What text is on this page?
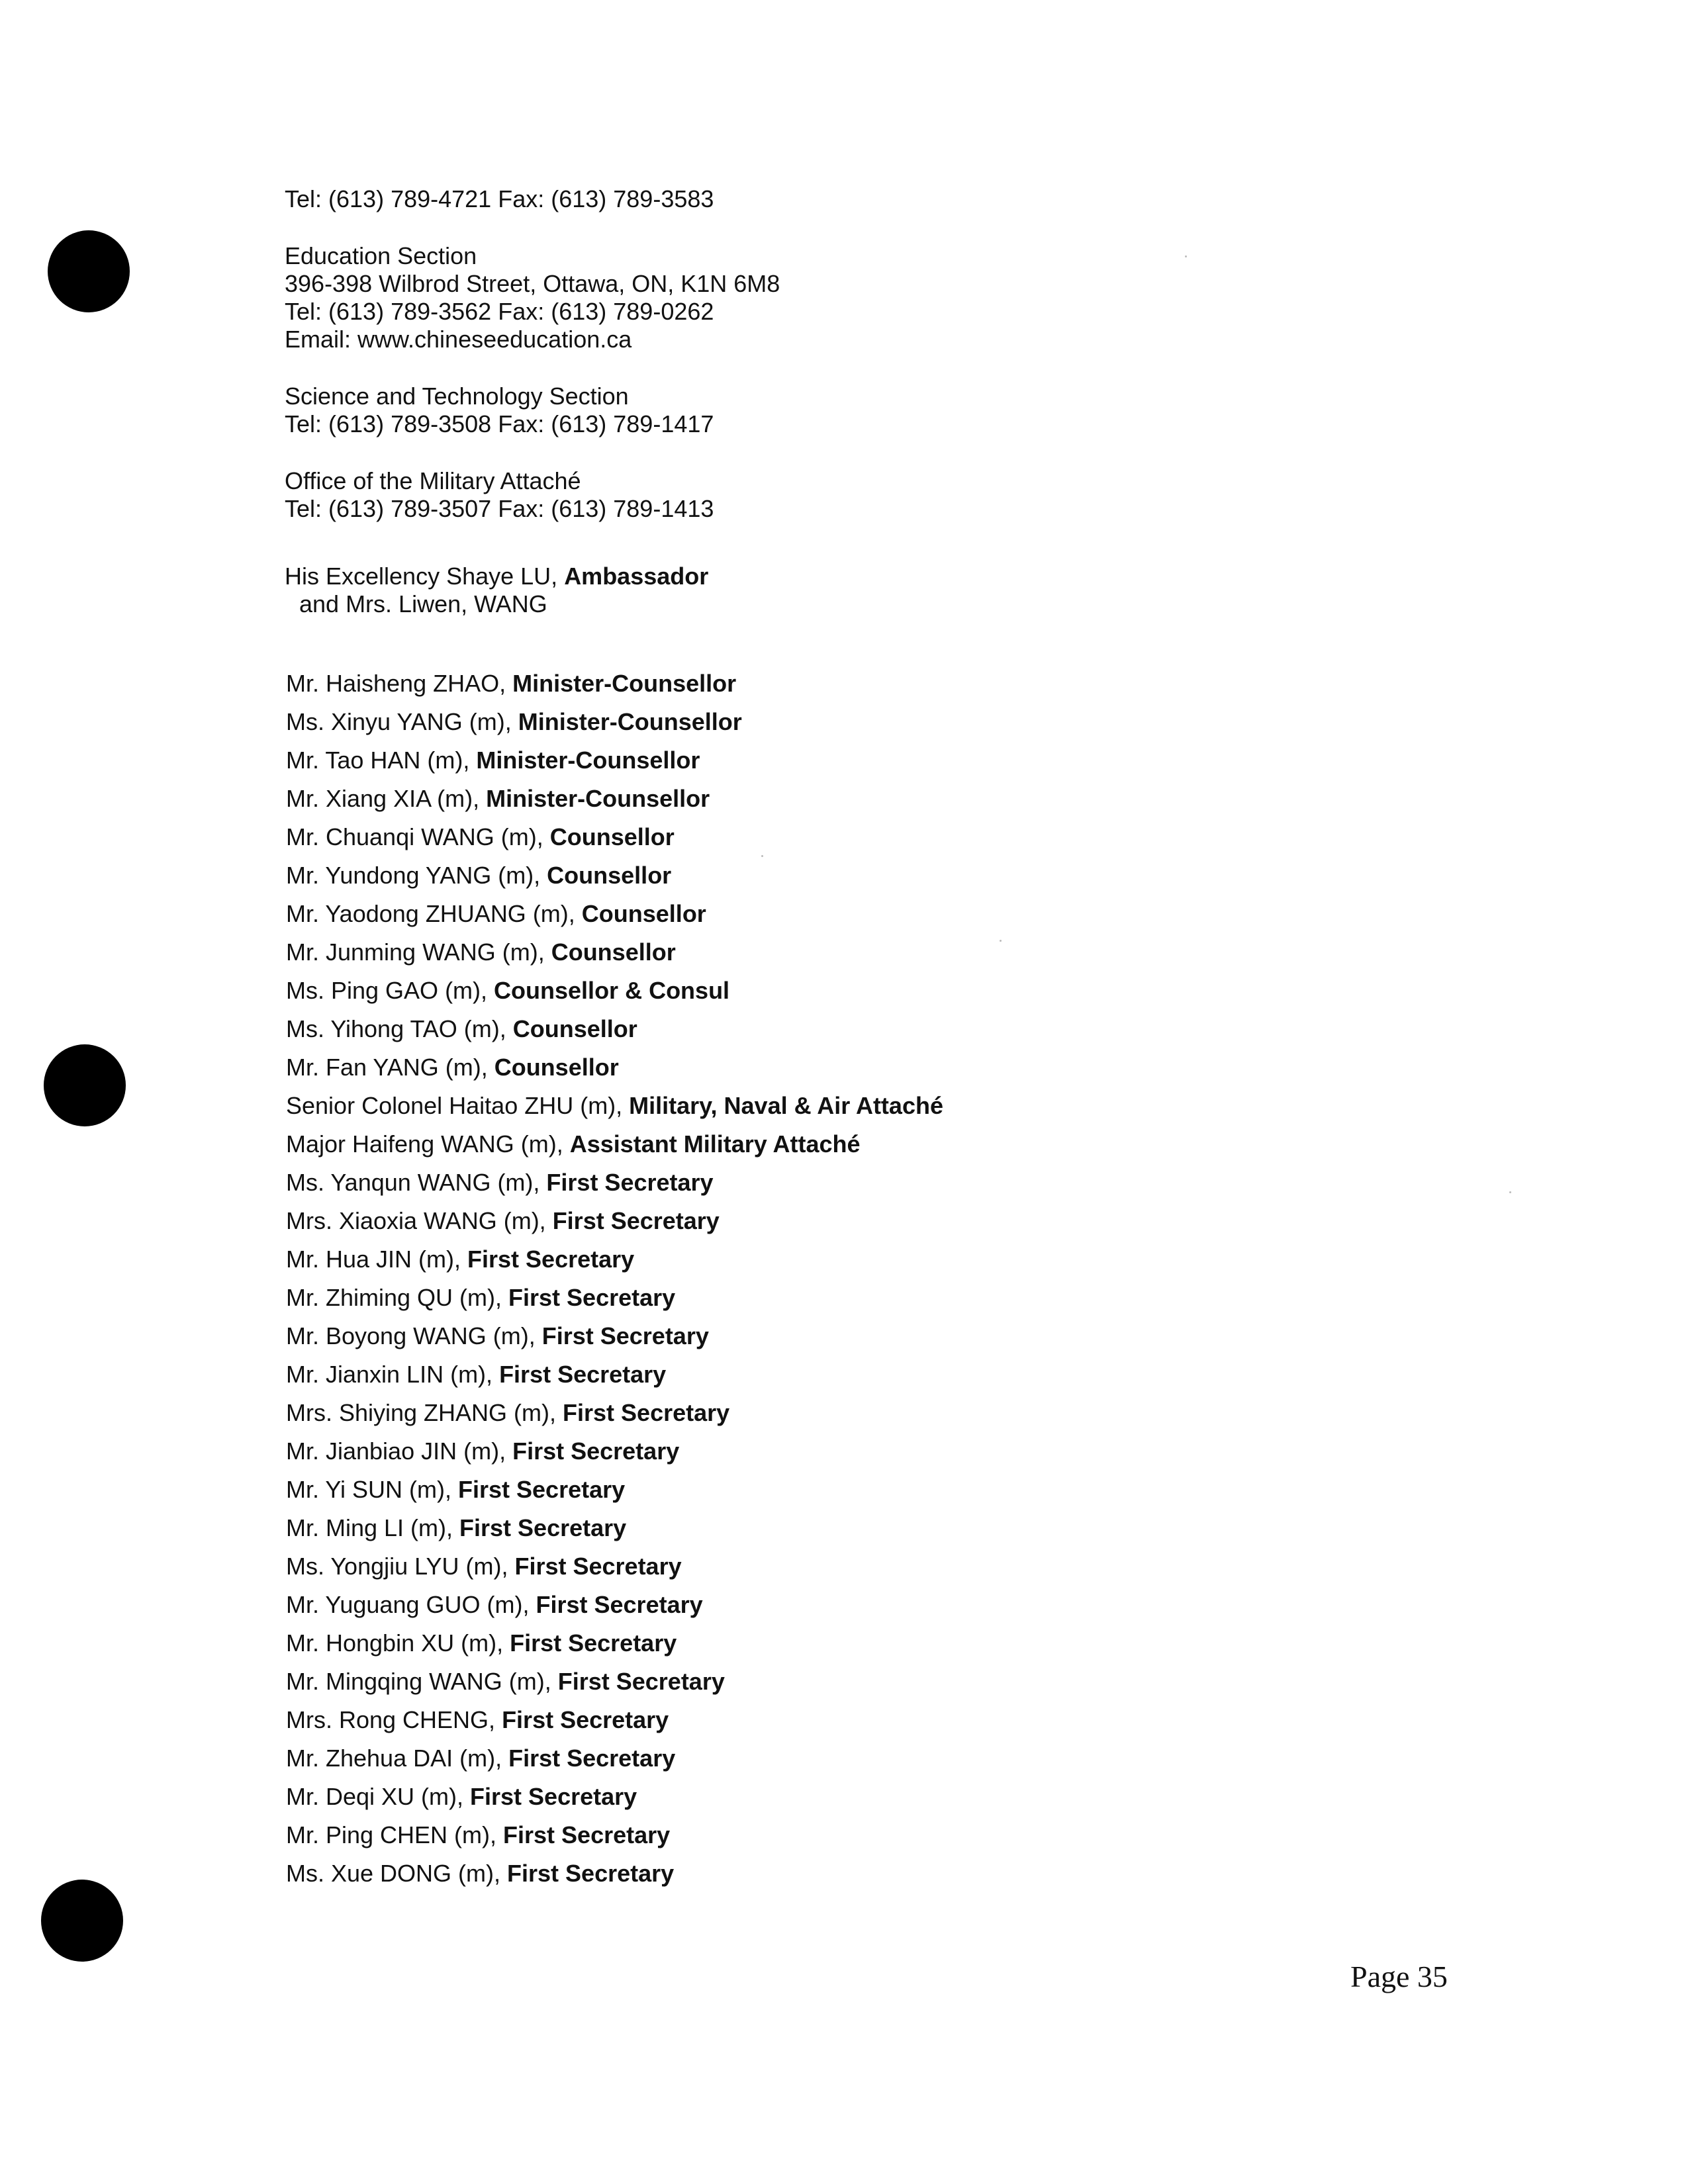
Tel: (613) 789-4721 Fax: (613) 789-3583
Education Section
396-398 Wilbrod Street, Ottawa, ON, K1N 6M8
Tel: (613) 789-3562 Fax: (613) 789-0262
Email: www.chineseeducation.ca
Science and Technology Section
Tel: (613) 789-3508 Fax: (613) 789-1417
Office of the Military Attaché
Tel: (613) 789-3507 Fax: (613) 789-1413
His Excellency Shaye LU, Ambassador
and Mrs. Liwen, WANG
Mr. Haisheng ZHAO, Minister-Counsellor
Ms. Xinyu YANG (m), Minister-Counsellor
Mr. Tao HAN (m), Minister-Counsellor
Mr. Xiang XIA (m), Minister-Counsellor
Mr. Chuanqi WANG (m), Counsellor
Mr. Yundong YANG (m), Counsellor
Mr. Yaodong ZHUANG (m), Counsellor
Mr. Junming WANG (m), Counsellor
Ms. Ping GAO (m), Counsellor & Consul
Ms. Yihong TAO (m), Counsellor
Mr. Fan YANG (m), Counsellor
Senior Colonel Haitao ZHU (m), Military, Naval & Air Attaché
Major Haifeng WANG (m), Assistant Military Attaché
Ms. Yanqun WANG (m), First Secretary
Mrs. Xiaoxia WANG (m), First Secretary
Mr. Hua JIN (m), First Secretary
Mr. Zhiming QU (m), First Secretary
Mr. Boyong WANG (m), First Secretary
Mr. Jianxin LIN (m), First Secretary
Mrs. Shiying ZHANG (m), First Secretary
Mr. Jianbiao JIN (m), First Secretary
Mr. Yi SUN (m), First Secretary
Mr. Ming LI (m), First Secretary
Ms. Yongjiu LYU (m), First Secretary
Mr. Yuguang GUO (m), First Secretary
Mr. Hongbin XU (m), First Secretary
Mr. Mingqing WANG (m), First Secretary
Mrs. Rong CHENG, First Secretary
Mr. Zhehua DAI (m), First Secretary
Mr. Deqi XU (m), First Secretary
Mr. Ping CHEN (m), First Secretary
Ms. Xue DONG (m), First Secretary
Page 35
